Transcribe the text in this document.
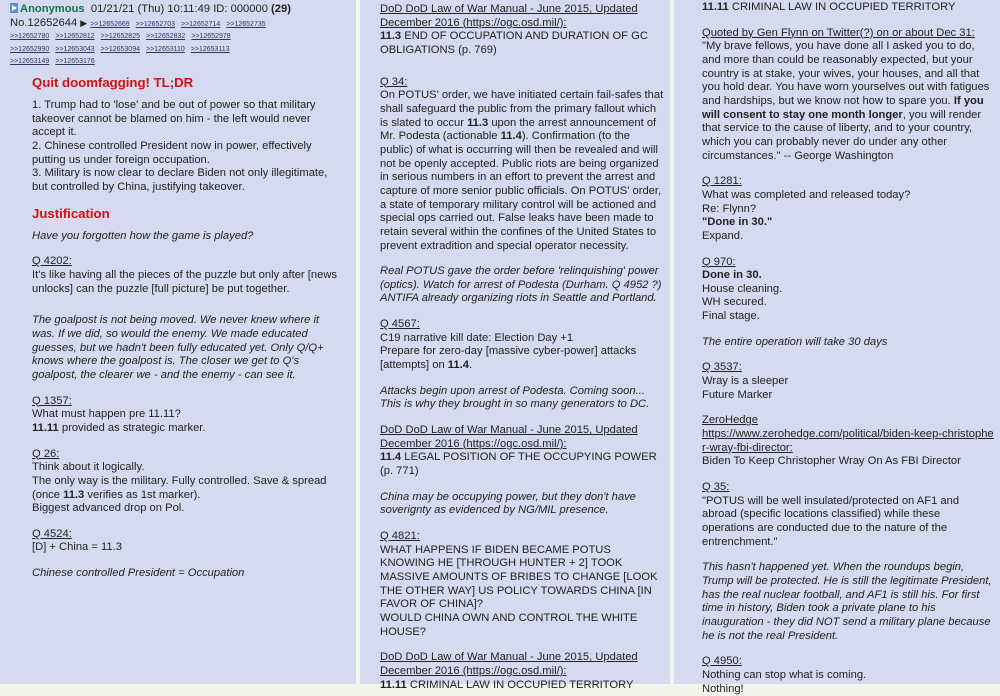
Anonymous 01/21/21 (Thu) 10:11:49 ID: 000000 (29)
No.12652644 ▶ >>12652669 >>12652703 >>12652714 >>12652735
>>12652780 >>12652812 >>12652825 >>12652832 >>12652978
>>12652990 >>12653043 >>12653094 >>12653110 >>12653113
>>12653149 >>12653176

Quit doomfagging! TL;DR

1. Trump had to 'lose' and be out of power so that military takeover cannot be blamed on him - the left would never accept it.

2. Chinese controlled President now in power, effectively putting us under foreign occupation.

3. Military is now clear to declare Biden not only illegitimate, but controlled by China, justifying takeover.

Justification

Have you forgotten how the game is played?

Q 4202:

It's like having all the pieces of the puzzle but only after [news unlocks] can the puzzle [full picture] be put together.

The goalpost is not being moved. We never knew where it was. If we did, so would the enemy. We made educated guesses, but we hadn't been fully educated yet. Only Q/Q+ knows where the goalpost is. The closer we get to Q's goalpost, the clearer we - and the enemy - can see it.

Q 1357:

What must happen pre 11.11?

11.11 provided as strategic marker.

Q 26:

Think about it logically.

The only way is the military. Fully controlled. Save & spread (once 11.3 verifies as 1st marker).

Biggest advanced drop on Pol.

Q 4524:

[D] + China = 11.3

Chinese controlled President = Occupation

DoD DoD Law of War Manual - June 2015, Updated December 2016 (https://ogc.osd.mil/):

11.3 END OF OCCUPATION AND DURATION OF GC OBLIGATIONS (p. 769)

Q 34:

On POTUS' order, we have initiated certain fail-safes that shall safeguard the public from the primary fallout which is slated to occur 11.3 upon the arrest announcement of Mr. Podesta (actionable 11.4). Confirmation (to the public) of what is occurring will then be revealed and will not be openly accepted. Public riots are being organized in serious numbers in an effort to prevent the arrest and capture of more senior public officials. On POTUS' order, a state of temporary military control will be actioned and special ops carried out. False leaks have been made to retain several within the confines of the United States to prevent extradition and special operator necessity.

Real POTUS gave the order before 'relinquishing' power (optics). Watch for arrest of Podesta (Durham. Q 4952 ?) ANTIFA already organizing riots in Seattle and Portland.

Q 4567:

C19 narrative kill date: Election Day +1

Prepare for zero-day [massive cyber-power] attacks [attempts] on 11.4.

Attacks begin upon arrest of Podesta. Coming soon... This is why they brought in so many generators to DC.

DoD DoD Law of War Manual - June 2015, Updated December 2016 (https://ogc.osd.mil/):

11.4 LEGAL POSITION OF THE OCCUPYING POWER (p. 771)

China may be occupying power, but they don't have soverignty as evidenced by NG/MIL presence.

Q 4821:

WHAT HAPPENS IF BIDEN BECAME POTUS KNOWING HE [THROUGH HUNTER + 2] TOOK MASSIVE AMOUNTS OF BRIBES TO CHANGE [LOOK THE OTHER WAY] US POLICY TOWARDS CHINA [IN FAVOR OF CHINA]?

WOULD CHINA OWN AND CONTROL THE WHITE HOUSE?

DoD DoD Law of War Manual - June 2015, Updated December 2016 (https://ogc.osd.mil/):

11.11 CRIMINAL LAW IN OCCUPIED TERRITORY

11.11 CRIMINAL LAW IN OCCUPIED TERRITORY

Quoted by Gen Flynn on Twitter(?) on or about Dec 31:

"My brave fellows, you have done all I asked you to do, and more than could be reasonably expected, but your country is at stake, your wives, your houses, and all that you hold dear. You have worn yourselves out with fatigues and hardships, but we know not how to spare you. If you will consent to stay one month longer, you will render that service to the cause of liberty, and to your country, which you can probably never do under any other circumstances." -- George Washington

Q 1281:

What was completed and released today?

Re: Flynn?

"Done in 30."

Expand.

Q 970:

Done in 30.

House cleaning.

WH secured.

Final stage.

The entire operation will take 30 days

Q 3537:

Wray is a sleeper

Future Marker

ZeroHedge

https://www.zerohedge.com/political/biden-keep-christopher-wray-fbi-director:

Biden To Keep Christopher Wray On As FBI Director

Q 35:

"POTUS will be well insulated/protected on AF1 and abroad (specific locations classified) while these operations are conducted due to the nature of the entrenchment."

This hasn't happened yet. When the roundups begin, Trump will be protected. He is still the legitimate President, has the real nuclear football, and AF1 is still his. For first time in history, Biden took a private plane to his inauguration - they did NOT send a military plane because he is not the real President.

Q 4950:

Nothing can stop what is coming.

Nothing!
